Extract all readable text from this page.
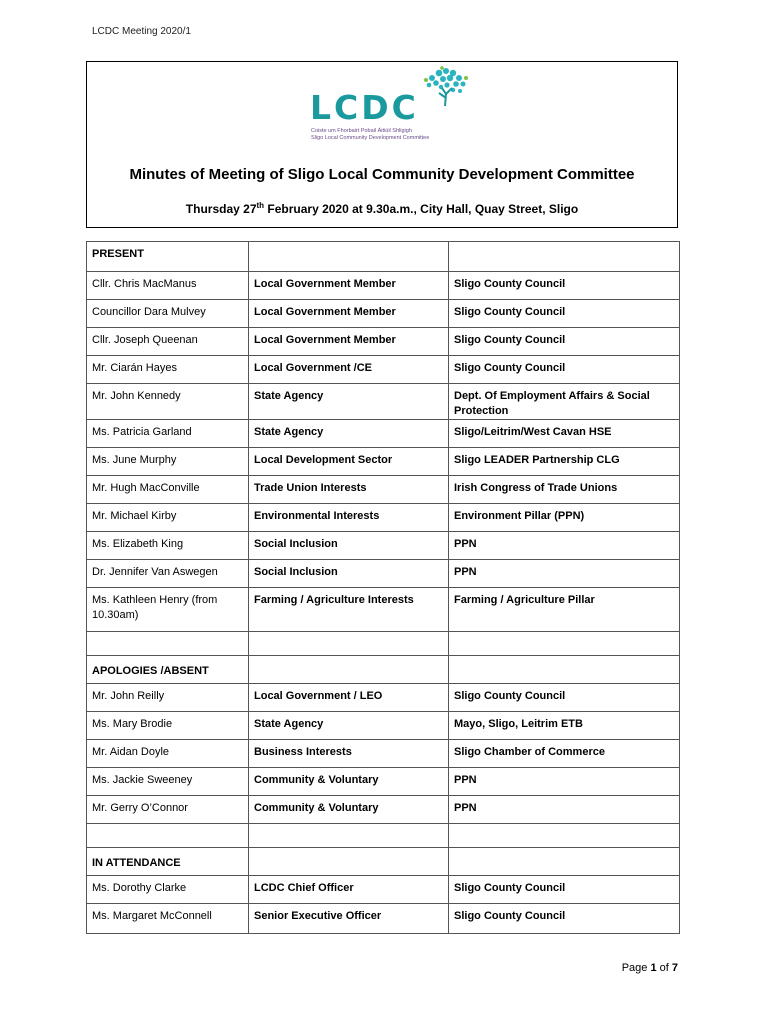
LCDC Meeting 2020/1
LCDC
Coiste um Fhorbairt Pobail Áitiúil Shligigh
Sligo Local Community Development Committee
Minutes of Meeting of Sligo Local Community Development Committee
Thursday 27th February 2020 at 9.30a.m., City Hall, Quay Street, Sligo
PRESENT		
Cllr. Chris MacManus	Local Government Member	Sligo County Council
Councillor Dara Mulvey	Local Government Member	Sligo County Council
Cllr. Joseph Queenan	Local Government Member	Sligo County Council
Mr. Ciarán Hayes	Local Government /CE	Sligo County Council
Mr. John Kennedy	State Agency	Dept. Of Employment Affairs & Social Protection
Ms. Patricia Garland	State Agency	Sligo/Leitrim/West Cavan HSE
Ms. June Murphy	Local Development Sector	Sligo LEADER Partnership CLG
Mr. Hugh MacConville	Trade Union Interests	Irish Congress of Trade Unions
Mr. Michael Kirby	Environmental Interests	Environment Pillar (PPN)
Ms. Elizabeth King	Social Inclusion	PPN
Dr. Jennifer Van Aswegen	Social Inclusion	PPN
Ms. Kathleen Henry (from 10.30am)	Farming / Agriculture Interests	Farming / Agriculture Pillar

APOLOGIES /ABSENT		
Mr. John Reilly	Local Government / LEO	Sligo County Council
Ms. Mary Brodie	State Agency	Mayo, Sligo, Leitrim ETB
Mr. Aidan Doyle	Business Interests	Sligo Chamber of Commerce
Ms. Jackie Sweeney	Community & Voluntary	PPN
Mr. Gerry O’Connor	Community & Voluntary	PPN

IN ATTENDANCE		
Ms. Dorothy Clarke	LCDC Chief Officer	Sligo County Council
Ms. Margaret McConnell	Senior Executive Officer	Sligo County Council
Page 1 of 7
